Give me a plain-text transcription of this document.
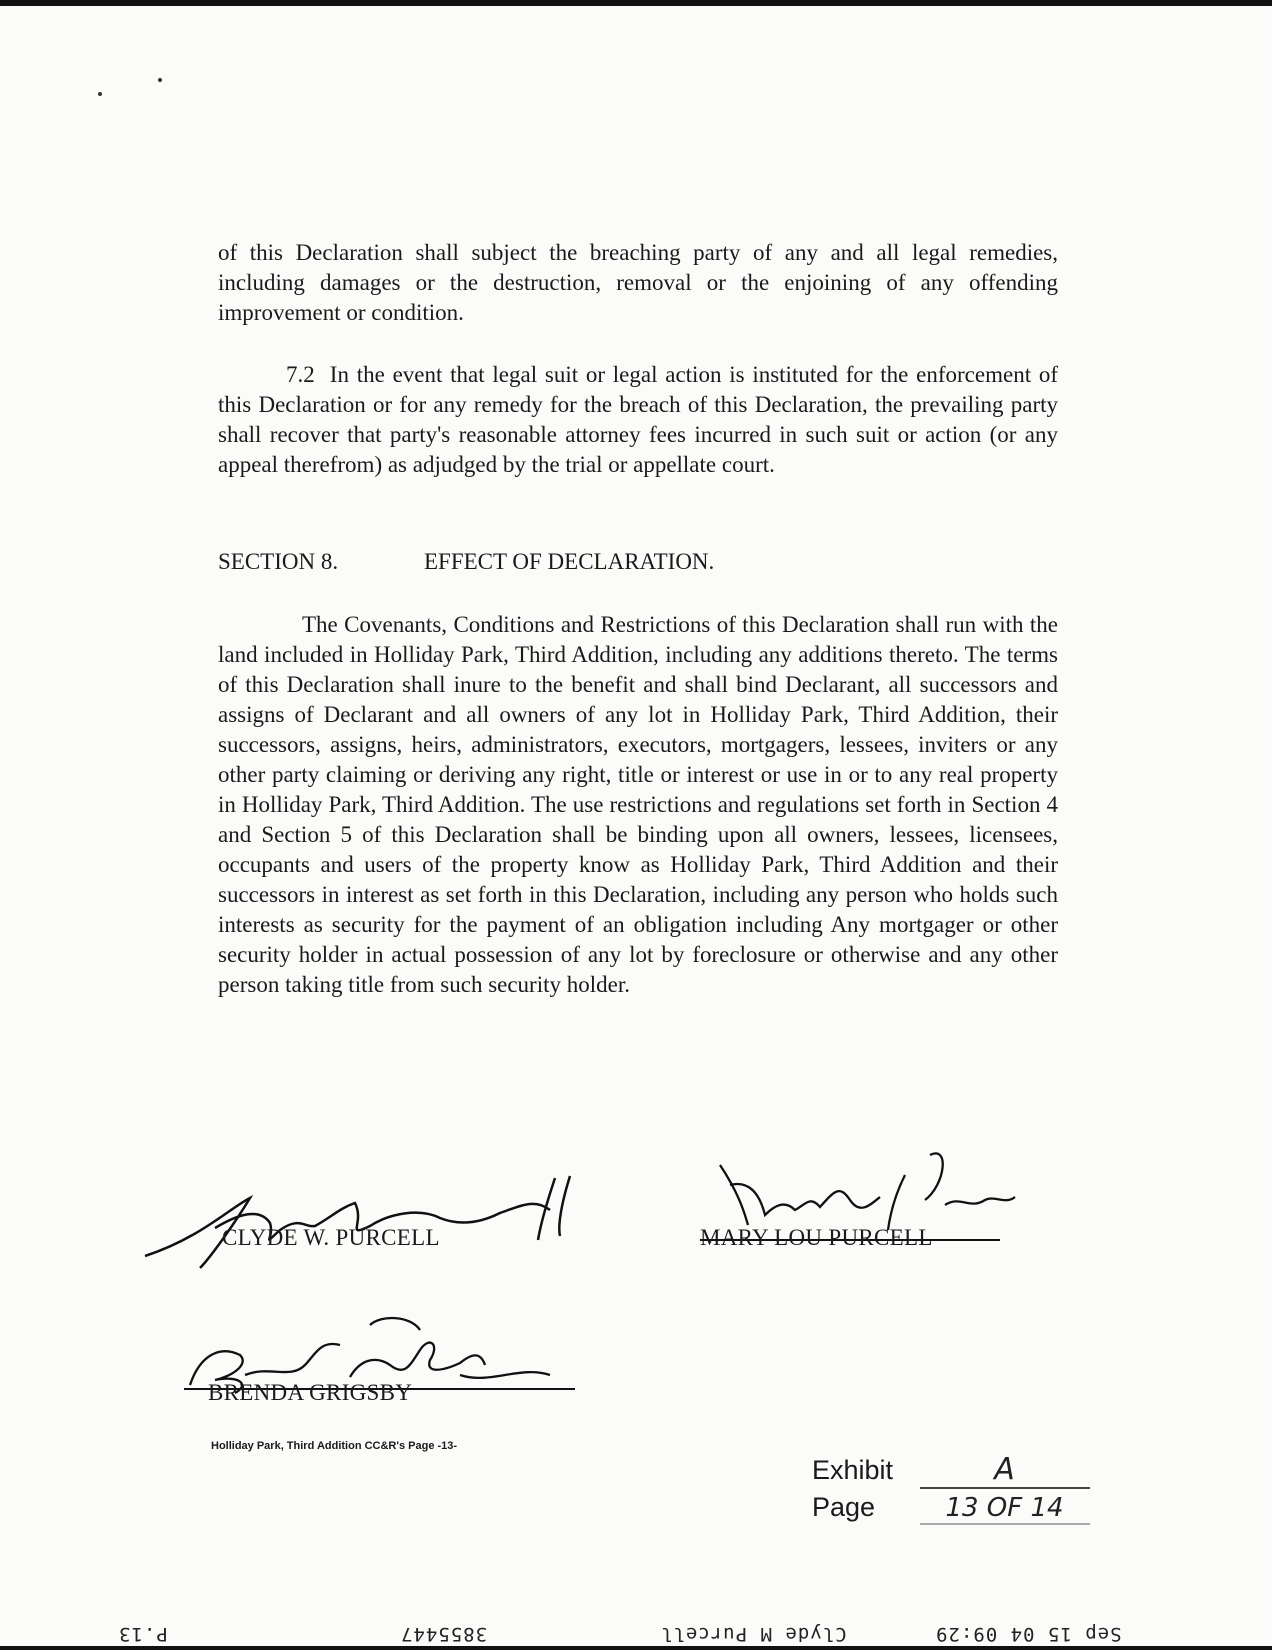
of this Declaration shall subject the breaching party of any and all legal remedies, including damages or the destruction, removal or the enjoining of any offending improvement or condition.
7.2 In the event that legal suit or legal action is instituted for the enforcement of this Declaration or for any remedy for the breach of this Declaration, the prevailing party shall recover that party's reasonable attorney fees incurred in such suit or action (or any appeal therefrom) as adjudged by the trial or appellate court.
SECTION 8.	EFFECT OF DECLARATION.
The Covenants, Conditions and Restrictions of this Declaration shall run with the land included in Holliday Park, Third Addition, including any additions thereto. The terms of this Declaration shall inure to the benefit and shall bind Declarant, all successors and assigns of Declarant and all owners of any lot in Holliday Park, Third Addition, their successors, assigns, heirs, administrators, executors, mortgagers, lessees, inviters or any other party claiming or deriving any right, title or interest or use in or to any real property in Holliday Park, Third Addition. The use restrictions and regulations set forth in Section 4 and Section 5 of this Declaration shall be binding upon all owners, lessees, licensees, occupants and users of the property know as Holliday Park, Third Addition and their successors in interest as set forth in this Declaration, including any person who holds such interests as security for the payment of an obligation including Any mortgager or other security holder in actual possession of any lot by foreclosure or otherwise and any other person taking title from such security holder.
CLYDE W. PURCELL	MARY LOU PURCELL
BRENDA GRIGSBY
Holliday Park, Third Addition CC&R's Page -13-
Exhibit	A
Page	13 OF 14
P.13	3855447	Clyde M Purcell	Sep 15 04 09:29
